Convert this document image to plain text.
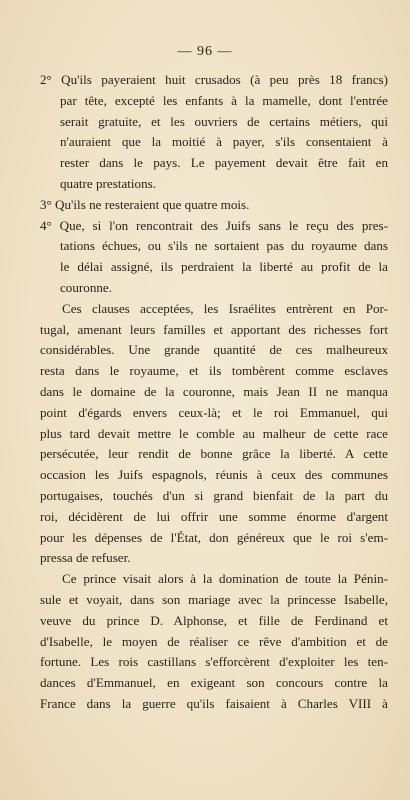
— 96 —
2° Qu'ils payeraient huit crusados (à peu près 18 francs)
par tête, excepté les enfants à la mamelle, dont l'entrée
serait gratuite, et les ouvriers de certains métiers, qui
n'auraient que la moitié à payer, s'ils consentaient à
rester dans le pays. Le payement devait être fait en
quatre prestations.
3° Qu'ils ne resteraient que quatre mois.
4° Que, si l'on rencontrait des Juifs sans le reçu des pres-
tations échues, ou s'ils ne sortaient pas du royaume dans
le délai assigné, ils perdraient la liberté au profit de la
couronne.
Ces clauses acceptées, les Israélites entrèrent en Por-
tugal, amenant leurs familles et apportant des richesses fort
considérables. Une grande quantité de ces malheureux
resta dans le royaume, et ils tombèrent comme esclaves
dans le domaine de la couronne, mais Jean II ne manqua
point d'égards envers ceux-là; et le roi Emmanuel, qui
plus tard devait mettre le comble au malheur de cette race
persécutée, leur rendit de bonne grâce la liberté. A cette
occasion les Juifs espagnols, réunis à ceux des communes
portugaises, touchés d'un si grand bienfait de la part du
roi, décidèrent de lui offrir une somme énorme d'argent
pour les dépenses de l'État, don généreux que le roi s'em-
pressa de refuser.
Ce prince visait alors à la domination de toute la Pénin-
sule et voyait, dans son mariage avec la princesse Isabelle,
veuve du prince D. Alphonse, et fille de Ferdinand et
d'Isabelle, le moyen de réaliser ce rêve d'ambition et de
fortune. Les rois castillans s'efforcèrent d'exploiter les ten-
dances d'Emmanuel, en exigeant son concours contre la
France dans la guerre qu'ils faisaient à Charles VIII à
